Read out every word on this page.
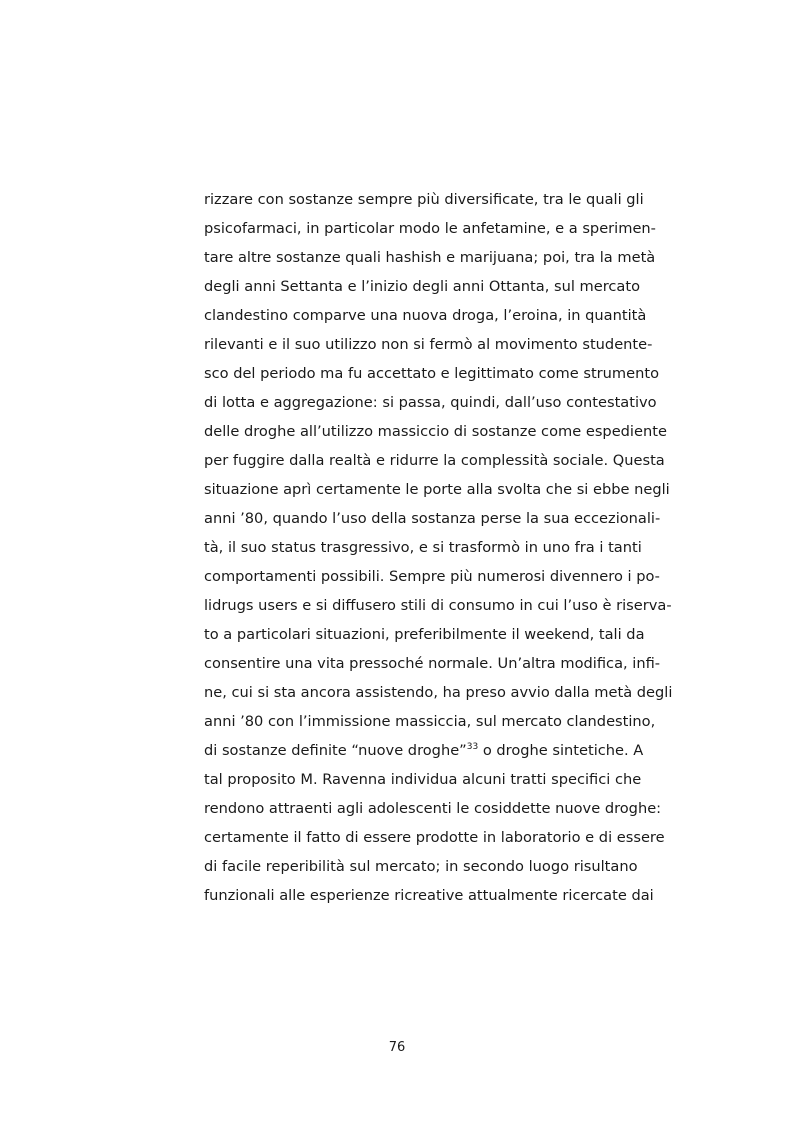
rizzare con sostanze sempre più diversificate, tra le quali gli
psicofarmaci, in particolar modo le anfetamine, e a sperimen-
tare altre sostanze quali hashish e marijuana; poi, tra la metà
degli anni Settanta e l’inizio degli anni Ottanta, sul mercato
clandestino comparve una nuova droga, l’eroina, in quantità
rilevanti e il suo utilizzo non si fermò al movimento studente-
sco del periodo ma fu accettato e legittimato come strumento
di lotta e aggregazione: si passa, quindi, dall’uso contestativo
delle droghe all’utilizzo massiccio di sostanze come espediente
per fuggire dalla realtà e ridurre la complessità sociale. Questa
situazione aprì certamente le porte alla svolta che si ebbe negli
anni ’80, quando l’uso della sostanza perse la sua eccezionali-
tà, il suo status trasgressivo, e si trasformò in uno fra i tanti
comportamenti possibili. Sempre più numerosi divennero i po-
lidrugs users e si diffusero stili di consumo in cui l’uso è riserva-
to a particolari situazioni, preferibilmente il weekend, tali da
consentire una vita pressoché normale. Un’altra modifica, infi-
ne, cui si sta ancora assistendo, ha preso avvio dalla metà degli
anni ’80 con l’immissione massiccia, sul mercato clandestino,
di sostanze definite “nuove droghe”$^{33}$ o droghe sintetiche. A
tal proposito M. Ravenna individua alcuni tratti specifici che
rendono attraenti agli adolescenti le cosiddette nuove droghe:
certamente il fatto di essere prodotte in laboratorio e di essere
di facile reperibilità sul mercato; in secondo luogo risultano
funzionali alle esperienze ricreative attualmente ricercate dai
76
